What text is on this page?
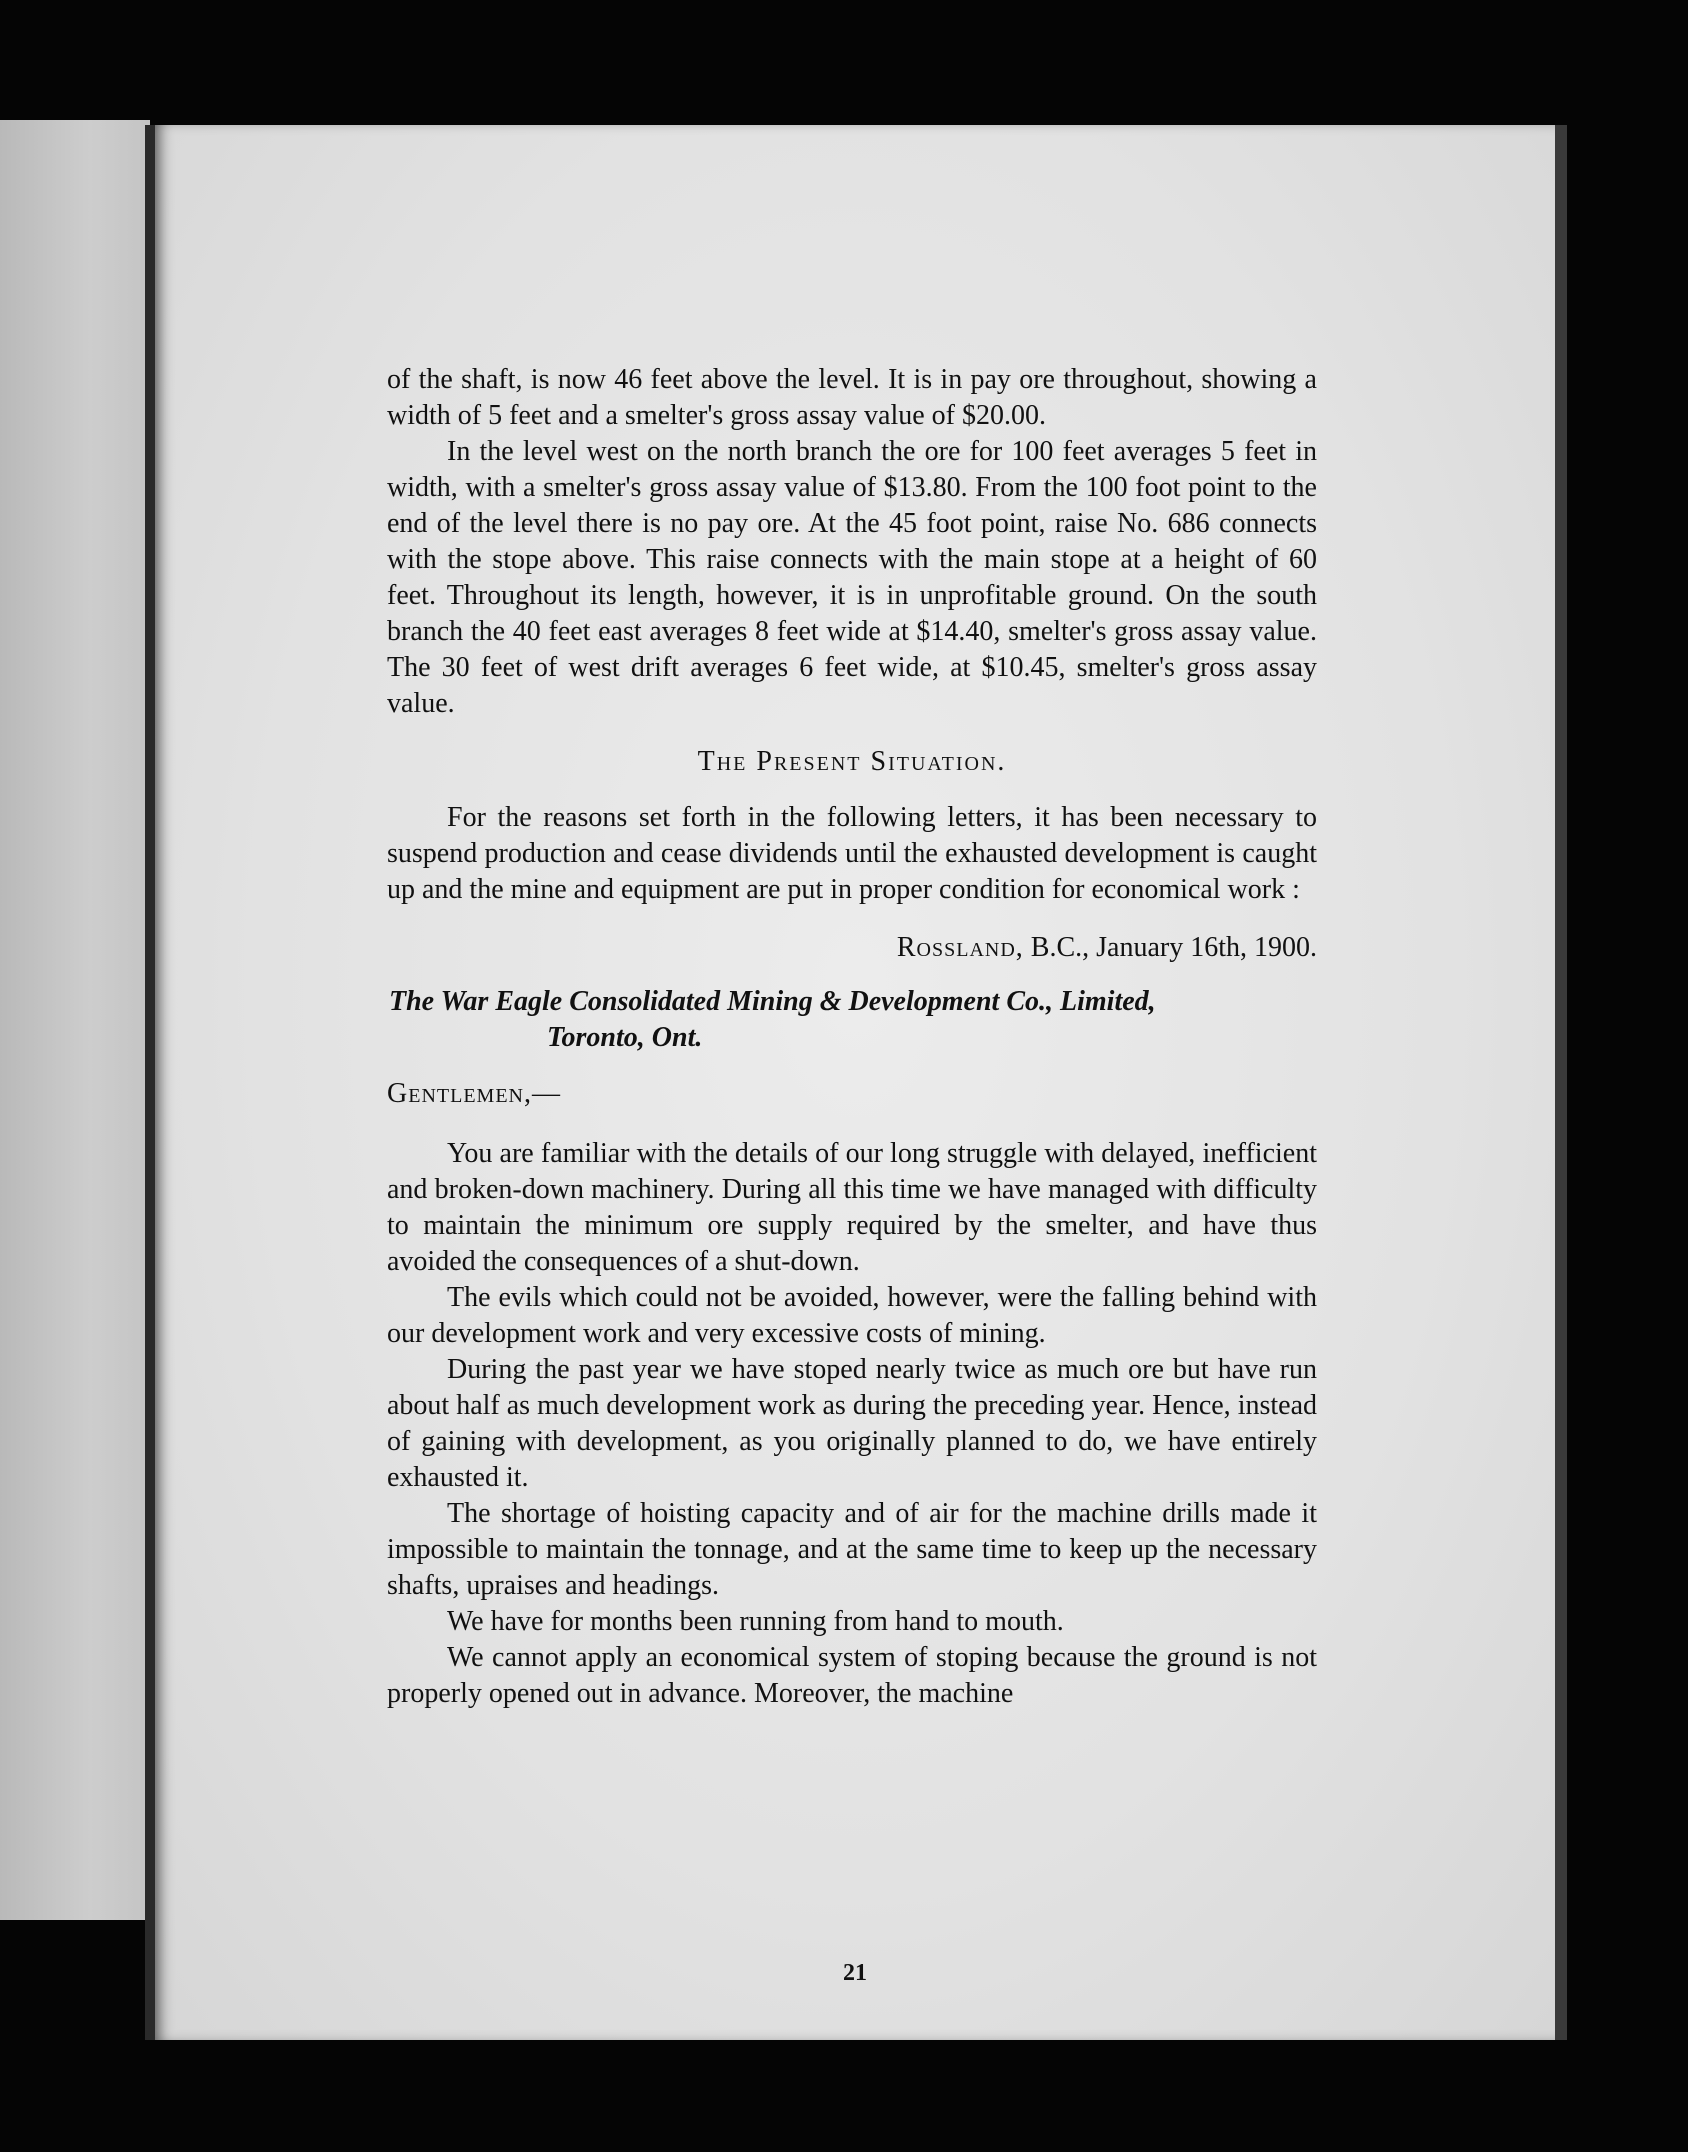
21

of the shaft, is now 46 feet above the level. It is in pay ore throughout, showing a width of 5 feet and a smelter's gross assay value of $20.00.

In the level west on the north branch the ore for 100 feet averages 5 feet in width, with a smelter's gross assay value of $13.80. From the 100 foot point to the end of the level there is no pay ore. At the 45 foot point, raise No. 686 connects with the stope above. This raise connects with the main stope at a height of 60 feet. Throughout its length, however, it is in unprofitable ground. On the south branch the 40 feet east averages 8 feet wide at $14.40, smelter's gross assay value. The 30 feet of west drift averages 6 feet wide, at $10.45, smelter's gross assay value.

The Present Situation.

For the reasons set forth in the following letters, it has been necessary to suspend production and cease dividends until the exhausted development is caught up and the mine and equipment are put in proper condition for economical work :

Rossland, B.C., January 16th, 1900.

The War Eagle Consolidated Mining & Development Co., Limited,

Toronto, Ont.

Gentlemen,—

You are familiar with the details of our long struggle with delayed, inefficient and broken-down machinery. During all this time we have managed with difficulty to maintain the minimum ore supply required by the smelter, and have thus avoided the consequences of a shut-down.

The evils which could not be avoided, however, were the falling behind with our development work and very excessive costs of mining.

During the past year we have stoped nearly twice as much ore but have run about half as much development work as during the preceding year. Hence, instead of gaining with development, as you originally planned to do, we have entirely exhausted it.

The shortage of hoisting capacity and of air for the machine drills made it impossible to maintain the tonnage, and at the same time to keep up the necessary shafts, upraises and headings.

We have for months been running from hand to mouth.

We cannot apply an economical system of stoping because the ground is not properly opened out in advance. Moreover, the machine
